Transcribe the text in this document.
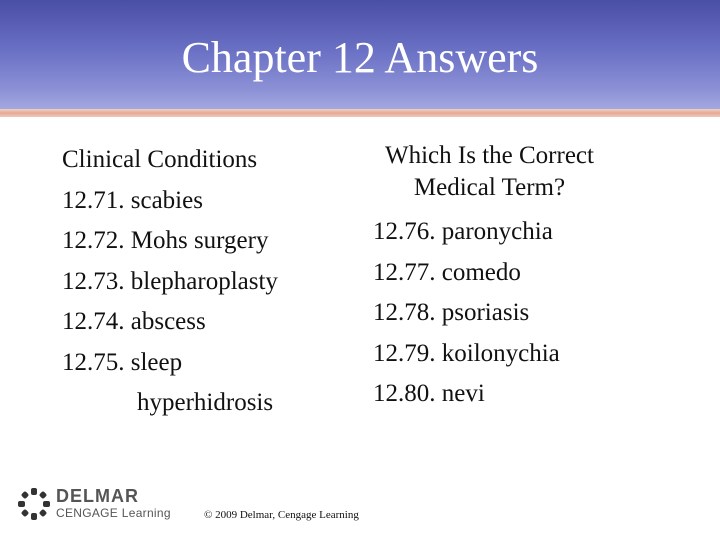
Chapter 12 Answers
Clinical Conditions
12.71. scabies
12.72. Mohs surgery
12.73. blepharoplasty
12.74. abscess
12.75. sleep
hyperhidrosis
Which Is the Correct
Medical Term?
12.76. paronychia
12.77. comedo
12.78. psoriasis
12.79. koilonychia
12.80. nevi
DELMAR
CENGAGE Learning	© 2009 Delmar, Cengage Learning
